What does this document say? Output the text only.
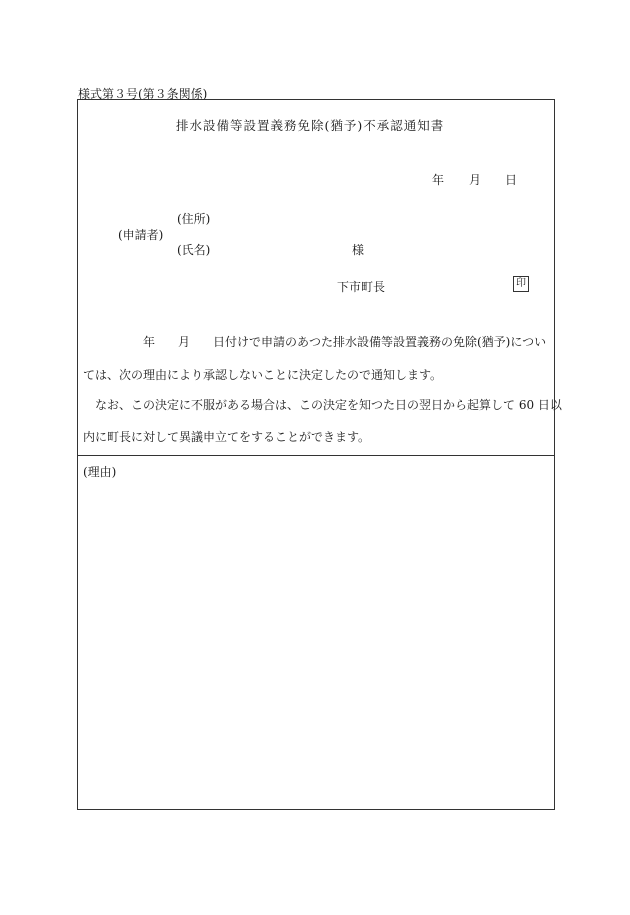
様式第３号(第３条関係)
排水設備等設置義務免除(猶予)不承認通知書
年 月 日
(住所)
(申請者)
(氏名)	様
下市町長	印
年 月 日付けで申請のあつた排水設備等設置義務の免除(猶予)につい
ては、次の理由により承認しないことに決定したので通知します。
　なお、この決定に不服がある場合は、この決定を知つた日の翌日から起算して 60 日以
内に町長に対して異議申立てをすることができます。
(理由)
